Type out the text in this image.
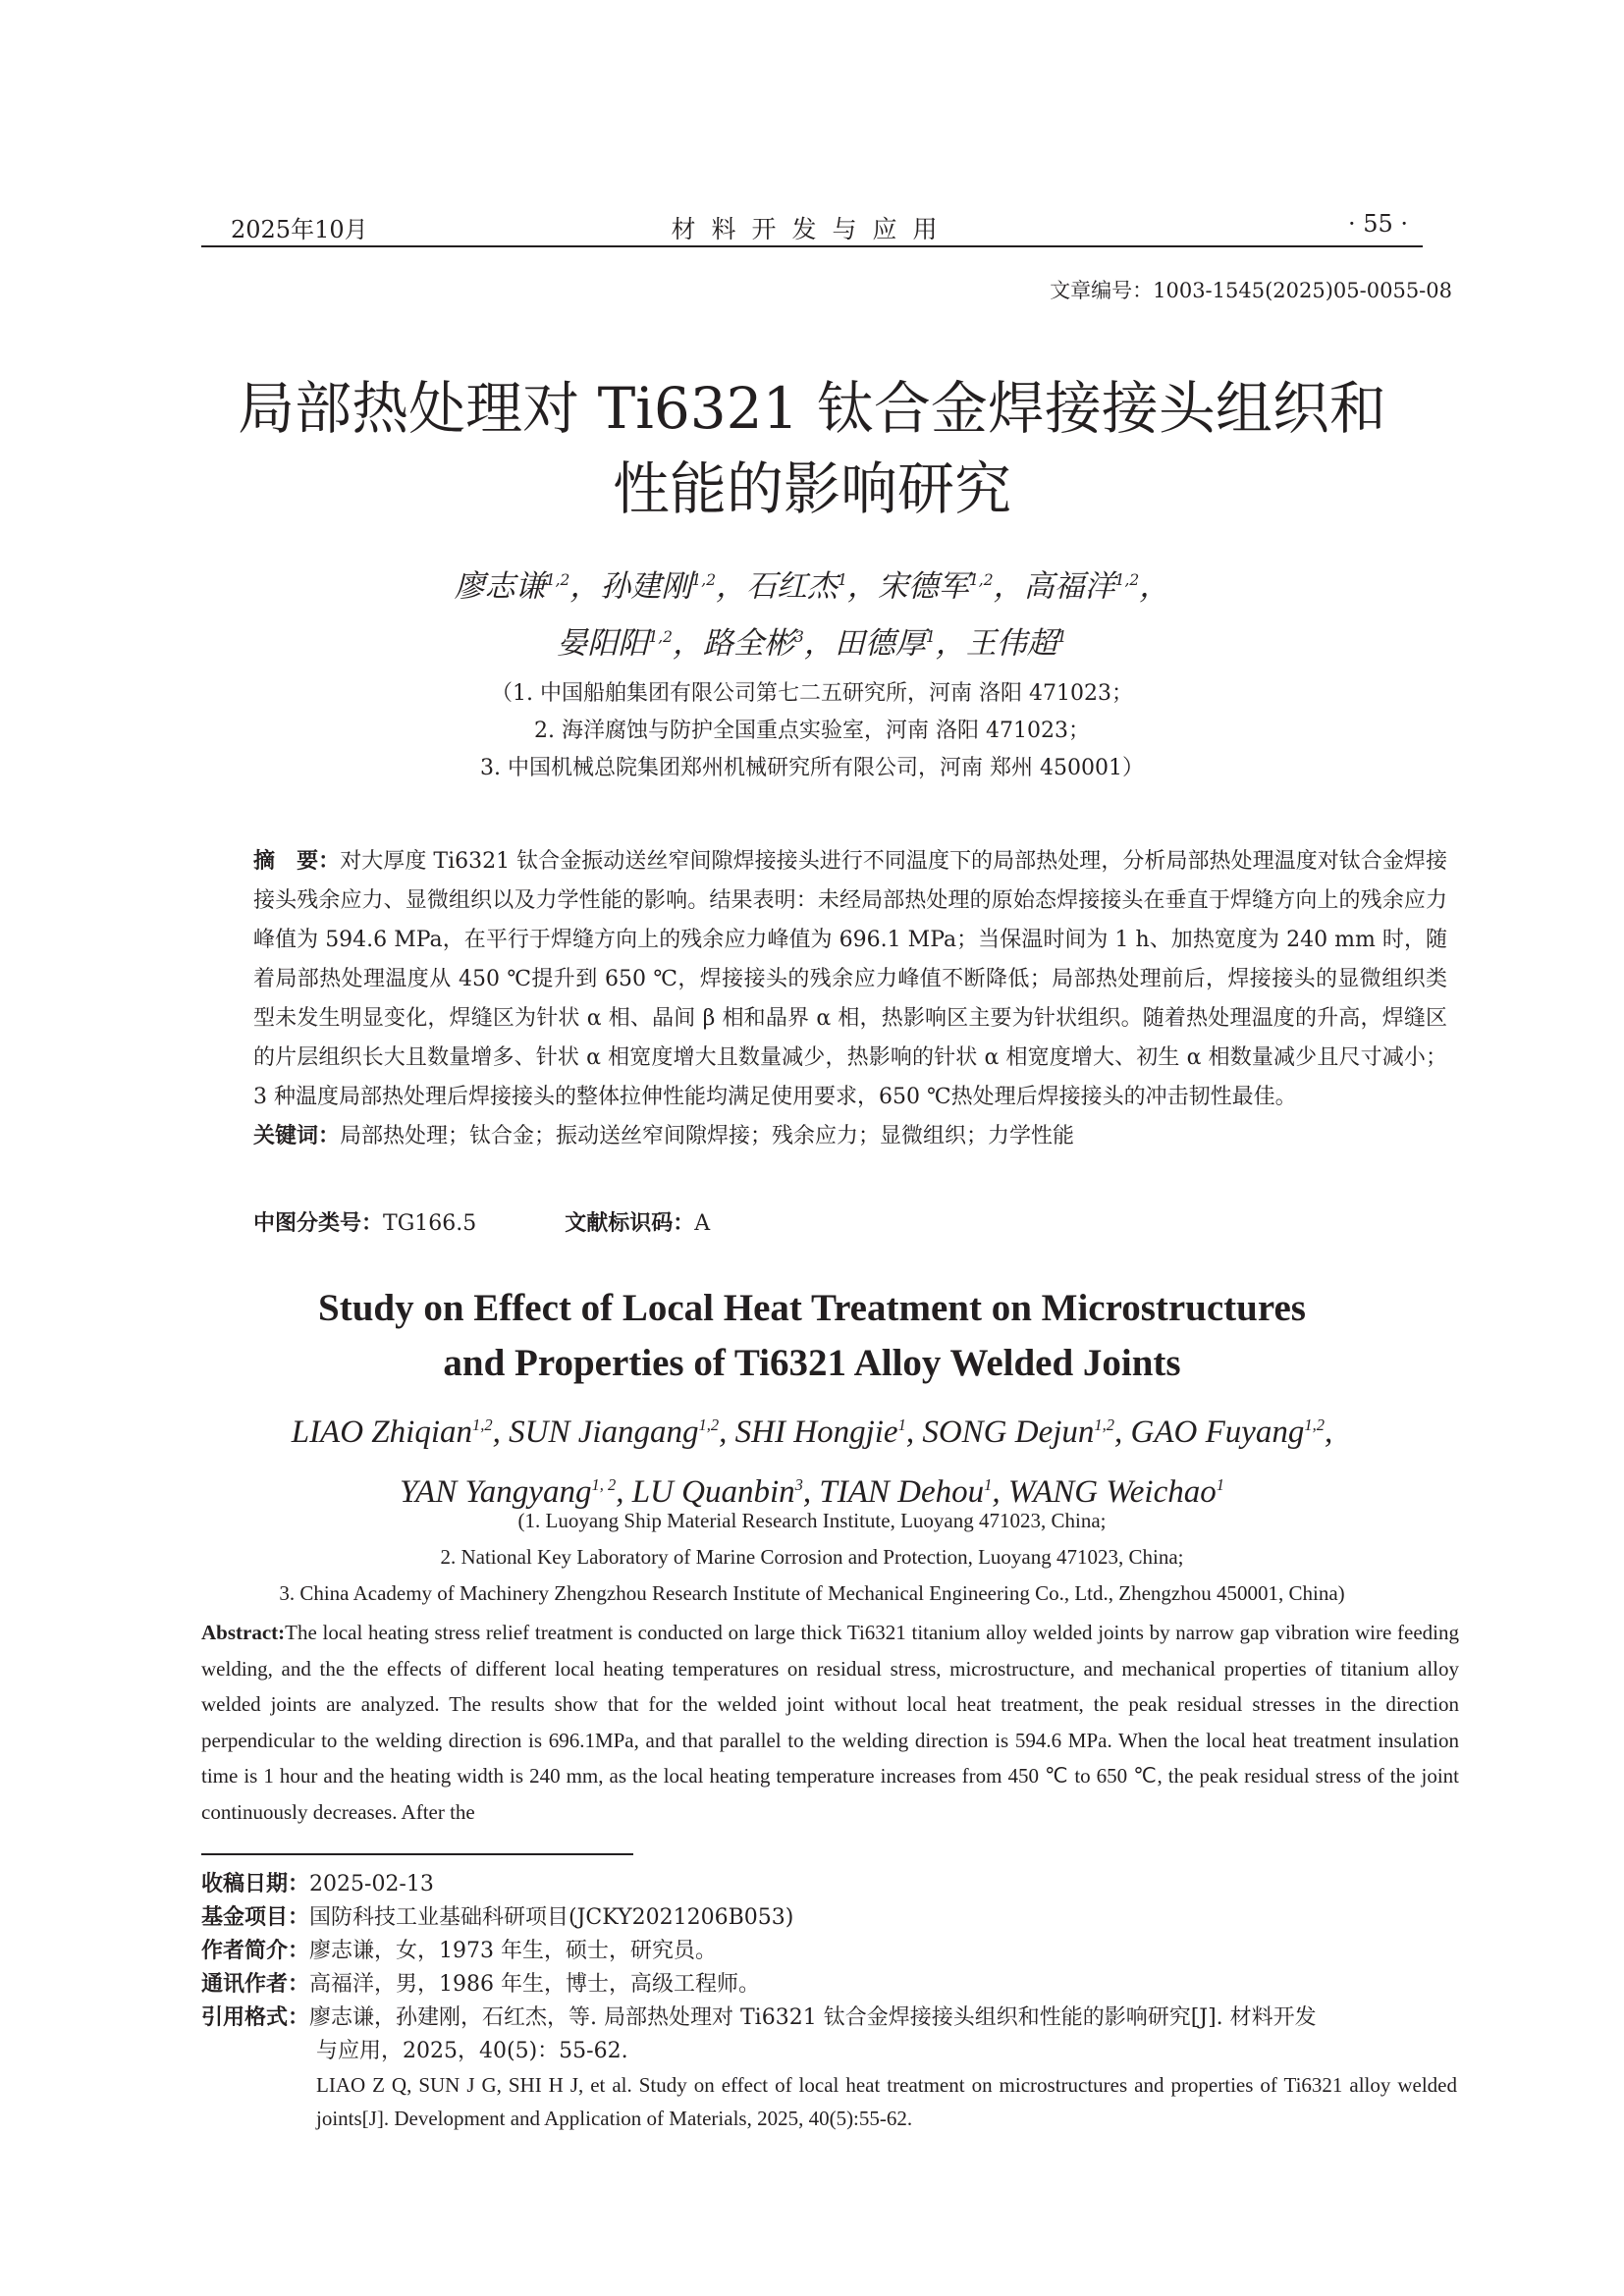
2025年10月	材料开发与应用	· 55 ·
文章编号：1003-1545(2025)05-0055-08
局部热处理对 Ti6321 钛合金焊接接头组织和
性能的影响研究
廖志谦$^{1,2}$，孙建刚$^{1,2}$，石红杰$^1$，宋德军$^{1,2}$，高福洋$^{1,2}$，
晏阳阳$^{1,2}$，路全彬$^3$，田德厚$^1$，王伟超$^1$
（1. 中国船舶集团有限公司第七二五研究所，河南 洛阳 471023；
2. 海洋腐蚀与防护全国重点实验室，河南 洛阳 471023；
3. 中国机械总院集团郑州机械研究所有限公司，河南 郑州 450001）
摘　要：对大厚度 Ti6321 钛合金振动送丝窄间隙焊接接头进行不同温度下的局部热处理，分析局部热处理温度对钛合金焊接接头残余应力、显微组织以及力学性能的影响。结果表明：未经局部热处理的原始态焊接接头在垂直于焊缝方向上的残余应力峰值为 594.6 MPa，在平行于焊缝方向上的残余应力峰值为 696.1 MPa；当保温时间为 1 h、加热宽度为 240 mm 时，随着局部热处理温度从 450 ℃提升到 650 ℃，焊接接头的残余应力峰值不断降低；局部热处理前后，焊接接头的显微组织类型未发生明显变化，焊缝区为针状 α 相、晶间 β 相和晶界 α 相，热影响区主要为针状组织。随着热处理温度的升高，焊缝区的片层组织长大且数量增多、针状 α 相宽度增大且数量减少，热影响的针状 α 相宽度增大、初生 α 相数量减少且尺寸减小；3 种温度局部热处理后焊接接头的整体拉伸性能均满足使用要求，650 ℃热处理后焊接接头的冲击韧性最佳。
关键词：局部热处理；钛合金；振动送丝窄间隙焊接；残余应力；显微组织；力学性能
中图分类号：TG166.5	文献标识码：A
Study on Effect of Local Heat Treatment on Microstructures
and Properties of Ti6321 Alloy Welded Joints
LIAO Zhiqian$^{1,2}$, SUN Jiangang$^{1,2}$, SHI Hongjie$^1$, SONG Dejun$^{1,2}$, GAO Fuyang$^{1,2}$,
YAN Yangyang$^{1, 2}$, LU Quanbin$^3$, TIAN Dehou$^1$, WANG Weichao$^1$
(1. Luoyang Ship Material Research Institute, Luoyang 471023, China;
2. National Key Laboratory of Marine Corrosion and Protection, Luoyang 471023, China;
3. China Academy of Machinery Zhengzhou Research Institute of Mechanical Engineering Co., Ltd., Zhengzhou 450001, China)
Abstract:The local heating stress relief treatment is conducted on large thick Ti6321 titanium alloy welded joints by narrow gap vibration wire feeding welding, and the the effects of different local heating temperatures on residual stress, microstructure, and mechanical properties of titanium alloy welded joints are analyzed. The results show that for the welded joint without local heat treatment, the peak residual stresses in the direction perpendicular to the welding direction is 696.1MPa, and that parallel to the welding direction is 594.6 MPa. When the local heat treatment insulation time is 1 hour and the heating width is 240 mm, as the local heating temperature increases from 450 ℃ to 650 ℃, the peak residual stress of the joint continuously decreases. After the
收稿日期：2025-02-13
基金项目：国防科技工业基础科研项目(JCKY2021206B053)
作者简介：廖志谦，女，1973 年生，硕士，研究员。
通讯作者：高福洋，男，1986 年生，博士，高级工程师。
引用格式：廖志谦，孙建刚，石红杰，等. 局部热处理对 Ti6321 钛合金焊接接头组织和性能的影响研究[J]. 材料开发
与应用，2025，40(5)：55-62.
LIAO Z Q, SUN J G, SHI H J, et al. Study on effect of local heat treatment on microstructures and properties of Ti6321 alloy welded joints[J]. Development and Application of Materials, 2025, 40(5):55-62.
